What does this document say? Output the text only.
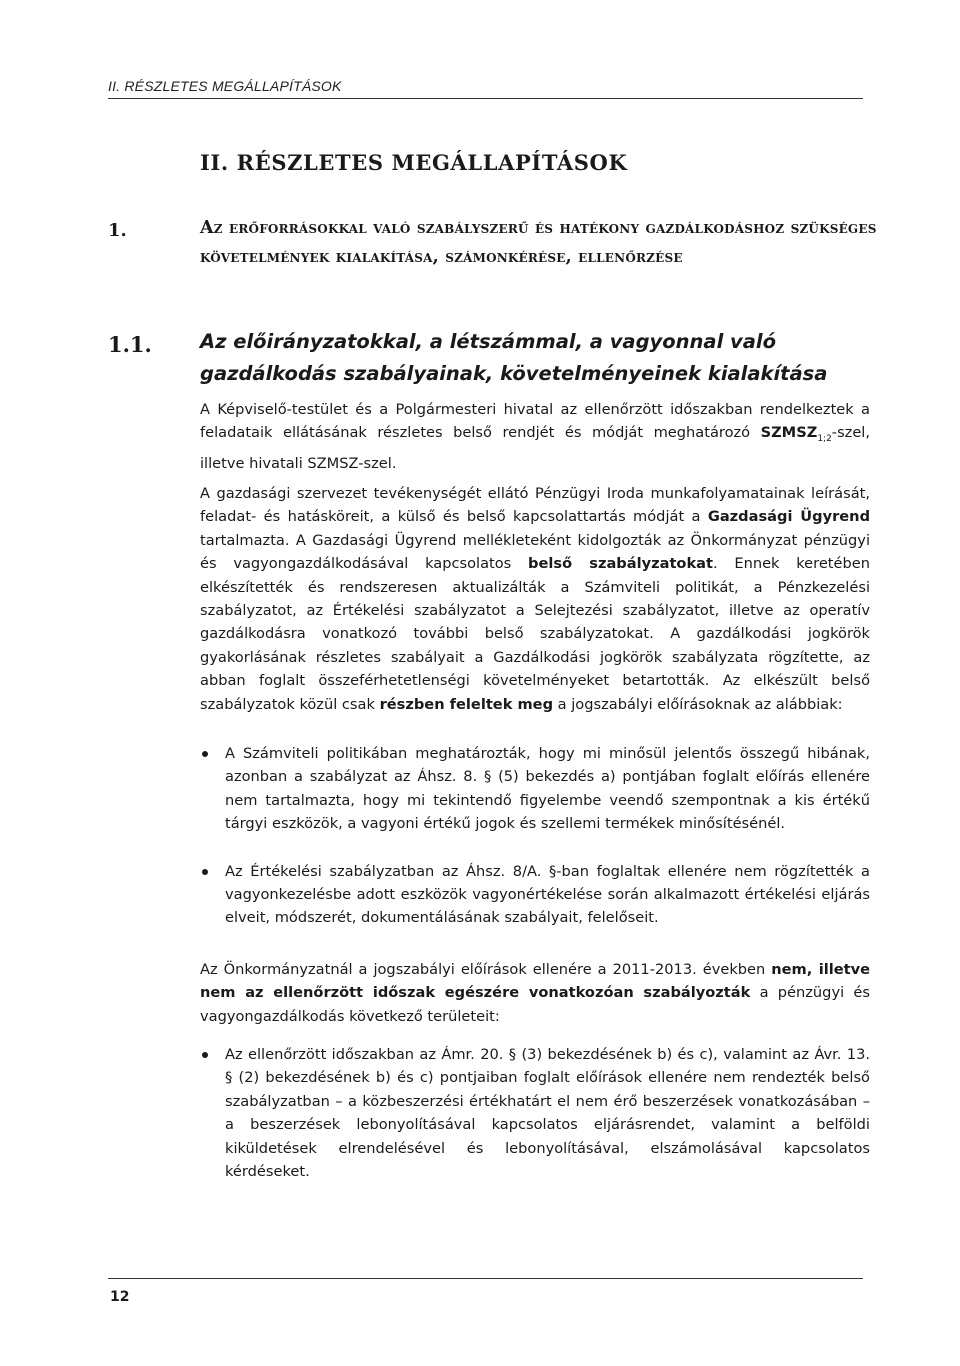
II. RÉSZLETES MEGÁLLAPÍTÁSOK
II. RÉSZLETES MEGÁLLAPÍTÁSOK
1.	Az erőforrásokkal való szabályszerű és hatékony gazdálkodáshoz szükséges követelmények kialakítása, számonkérése, ellenőrzése
1.1. Az előirányzatokkal, a létszámmal, a vagyonnal való gazdálkodás szabályainak, követelményeinek kialakítása
A Képviselő-testület és a Polgármesteri hivatal az ellenőrzött időszakban rendelkeztek a feladataik ellátásának részletes belső rendjét és módját meghatározó $SZMSZ_{1;2}$-szel, illetve hivatali SZMSZ-szel.
A gazdasági szervezet tevékenységét ellátó Pénzügyi Iroda munkafolyamatainak leírását, feladat- és hatásköreit, a külső és belső kapcsolattartás módját a Gazdasági Ügyrend tartalmazta. A Gazdasági Ügyrend mellékleteként kidolgozták az Önkormányzat pénzügyi és vagyongazdálkodásával kapcsolatos belső szabályzatokat. Ennek keretében elkészítették és rendszeresen aktualizálták a Számviteli politikát, a Pénzkezelési szabályzatot, az Értékelési szabályzatot a Selejtezési szabályzatot, illetve az operatív gazdálkodásra vonatkozó további belső szabályzatokat. A gazdálkodási jogkörök gyakorlásának részletes szabályait a Gazdálkodási jogkörök szabályzata rögzítette, az abban foglalt összeférhetetlenségi követelményeket betartották. Az elkészült belső szabályzatok közül csak részben feleltek meg a jogszabályi előírásoknak az alábbiak:
A Számviteli politikában meghatározták, hogy mi minősül jelentős összegű hibának, azonban a szabályzat az Áhsz. 8. § (5) bekezdés a) pontjában foglalt előírás ellenére nem tartalmazta, hogy mi tekintendő figyelembe veendő szempontnak a kis értékű tárgyi eszközök, a vagyoni értékű jogok és szellemi termékek minősítésénél.
Az Értékelési szabályzatban az Áhsz. 8/A. §-ban foglaltak ellenére nem rögzítették a vagyonkezelésbe adott eszközök vagyonértékelése során alkalmazott értékelési eljárás elveit, módszerét, dokumentálásának szabályait, felelőseit.
Az Önkormányzatnál a jogszabályi előírások ellenére a 2011-2013. években nem, illetve nem az ellenőrzött időszak egészére vonatkozóan szabályozták a pénzügyi és vagyongazdálkodás következő területeit:
Az ellenőrzött időszakban az Ámr. 20. § (3) bekezdésének b) és c), valamint az Ávr. 13. § (2) bekezdésének b) és c) pontjaiban foglalt előírások ellenére nem rendezték belső szabályzatban – a közbeszerzési értékhatárt el nem érő beszerzések vonatkozásában – a beszerzések lebonyolításával kapcsolatos eljárásrendet, valamint a belföldi kiküldetések elrendelésével és lebonyolításával, elszámolásával kapcsolatos kérdéseket.
12
